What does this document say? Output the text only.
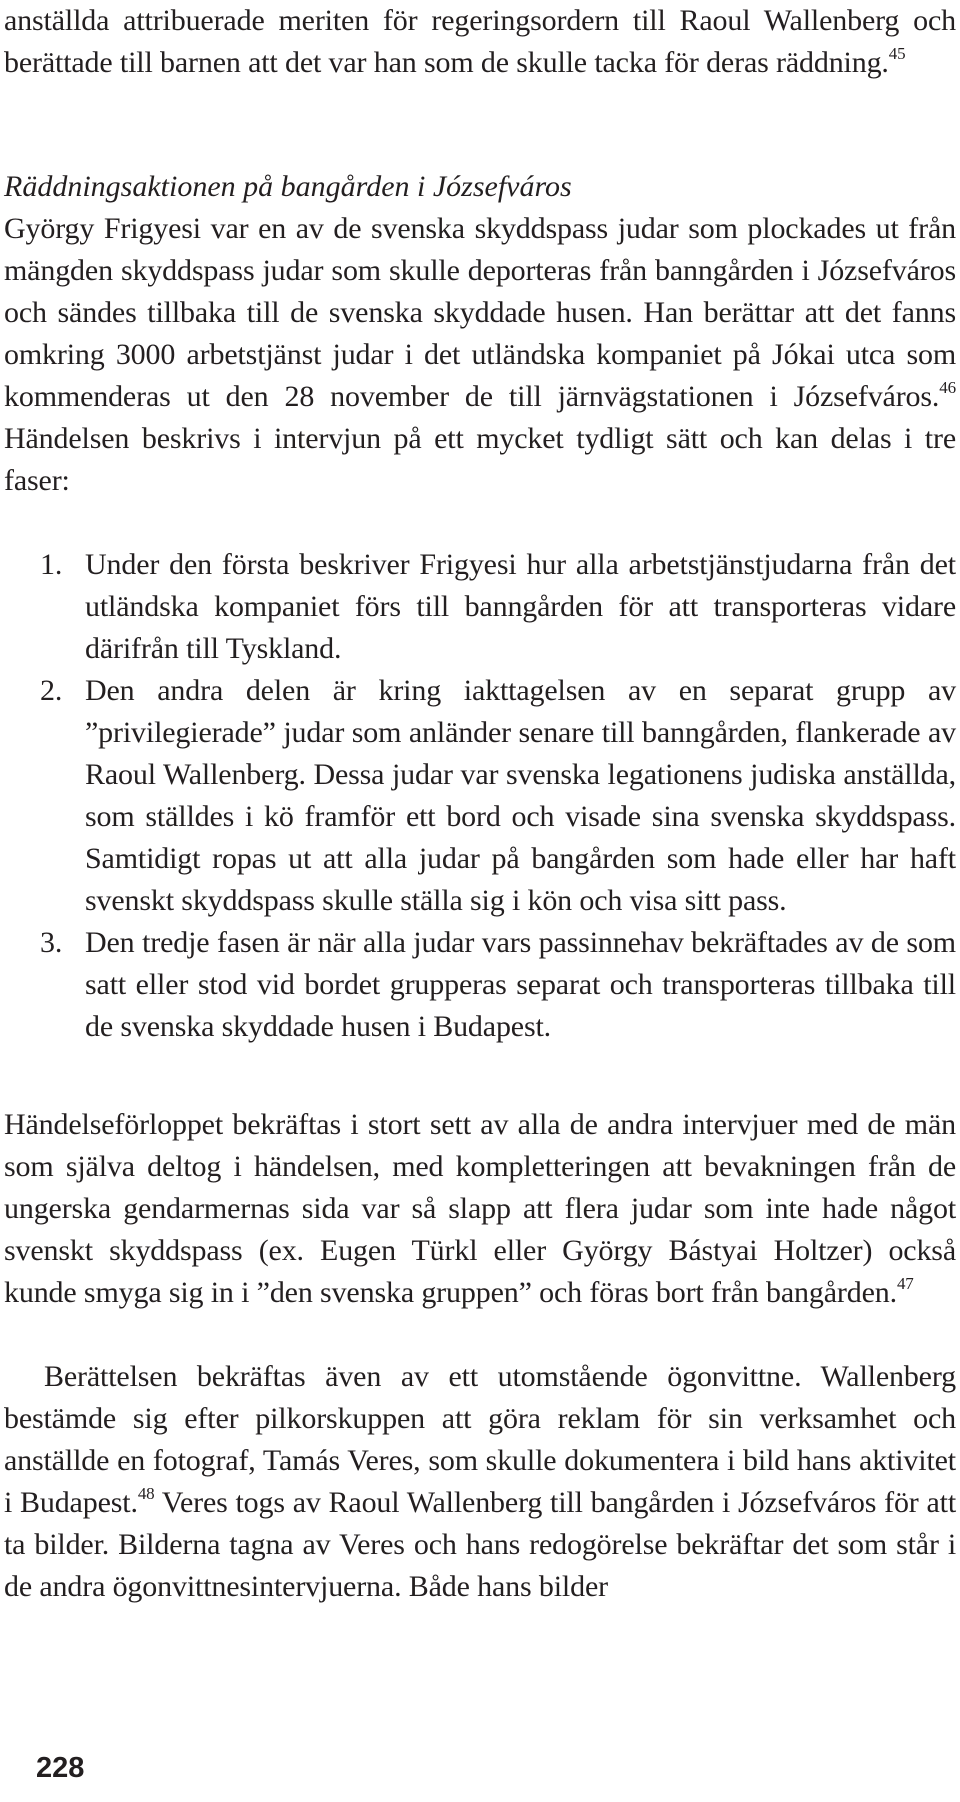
anställda attribuerade meriten för regeringsordern till Raoul Wallenberg och berättade till barnen att det var han som de skulle tacka för deras räddning.$^{45}$

Räddningsaktionen på bangården i Józsefváros

György Frigyesi var en av de svenska skyddspass judar som plockades ut från mängden skyddspass judar som skulle deporteras från banngården i Józsefváros och sändes tillbaka till de svenska skyddade husen. Han berättar att det fanns omkring 3000 arbetstjänst judar i det utländska kompaniet på Jókai utca som kommenderas ut den 28 november de till järnvägstationen i Józsefváros.$^{46}$ Händelsen beskrivs i intervjun på ett mycket tydligt sätt och kan delas i tre faser:

1. Under den första beskriver Frigyesi hur alla arbetstjänstjudarna från det utländska kompaniet förs till banngården för att transporteras vidare därifrån till Tyskland.
2. Den andra delen är kring iakttagelsen av en separat grupp av ”privilegierade” judar som anländer senare till banngården, flankerade av Raoul Wallenberg. Dessa judar var svenska legationens judiska anställda, som ställdes i kö framför ett bord och visade sina svenska skyddspass. Samtidigt ropas ut att alla judar på bangården som hade eller har haft svenskt skyddspass skulle ställa sig i kön och visa sitt pass.
3. Den tredje fasen är när alla judar vars passinnehav bekräftades av de som satt eller stod vid bordet grupperas separat och transporteras tillbaka till de svenska skyddade husen i Budapest.

Händelseförloppet bekräftas i stort sett av alla de andra intervjuer med de män som själva deltog i händelsen, med kompletteringen att bevakningen från de ungerska gendarmernas sida var så slapp att flera judar som inte hade något svenskt skyddspass (ex. Eugen Türkl eller György Bástyai Holtzer) också kunde smyga sig in i ”den svenska gruppen” och föras bort från bangården.$^{47}$

Berättelsen bekräftas även av ett utomstående ögonvittne. Wallenberg bestämde sig efter pilkorskuppen att göra reklam för sin verksamhet och anställde en fotograf, Tamás Veres, som skulle dokumentera i bild hans aktivitet i Budapest.$^{48}$ Veres togs av Raoul Wallenberg till bangården i Józsefváros för att ta bilder. Bilderna tagna av Veres och hans redogörelse bekräftar det som står i de andra ögonvittnesintervjuerna. Både hans bilder

228
